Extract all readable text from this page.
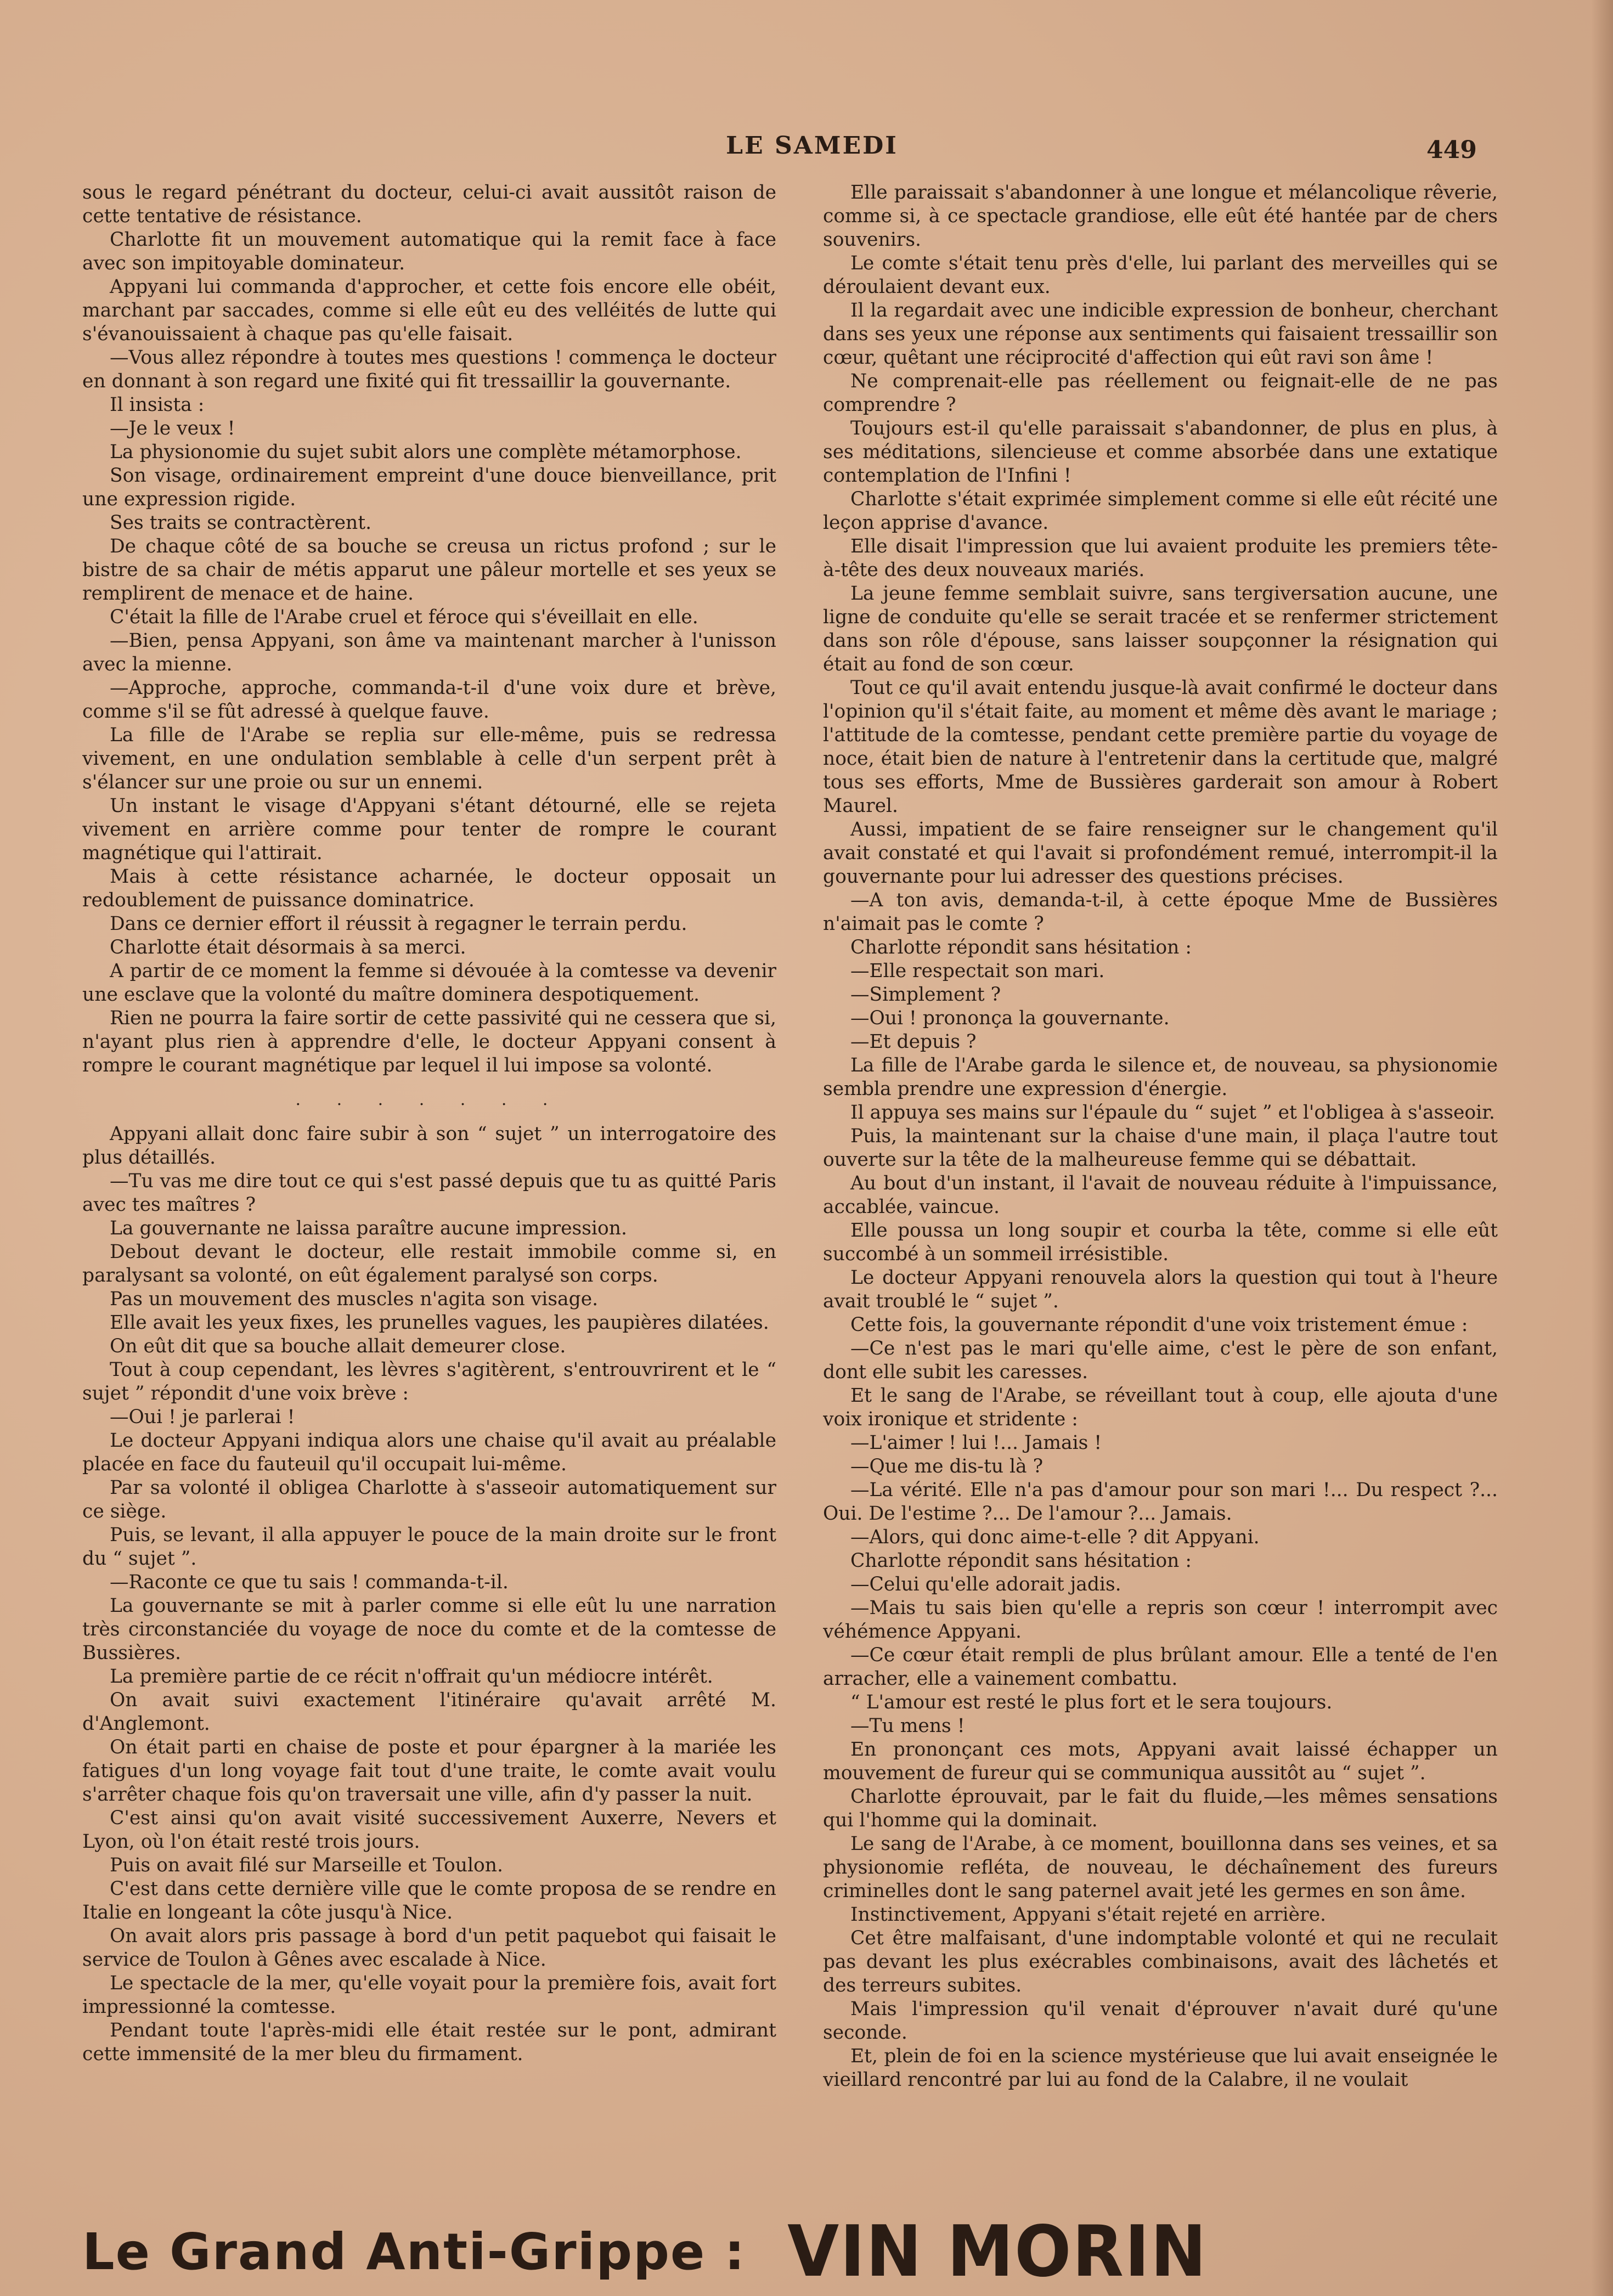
LE SAMEDI	449

sous le regard pénétrant du docteur, celui-ci avait aussitôt raison de cette tentative de résistance.

Charlotte fit un mouvement automatique qui la remit face à face avec son impitoyable dominateur.

Appyani lui commanda d'approcher, et cette fois encore elle obéit, marchant par saccades, comme si elle eût eu des velléités de lutte qui s'évanouissaient à chaque pas qu'elle faisait.

—Vous allez répondre à toutes mes questions ! commença le docteur en donnant à son regard une fixité qui fit tressaillir la gouvernante.

Il insista :

—Je le veux !

La physionomie du sujet subit alors une complète métamorphose.

Son visage, ordinairement empreint d'une douce bienveillance, prit une expression rigide.

Ses traits se contractèrent.

De chaque côté de sa bouche se creusa un rictus profond ; sur le bistre de sa chair de métis apparut une pâleur mortelle et ses yeux se remplirent de menace et de haine.

C'était la fille de l'Arabe cruel et féroce qui s'éveillait en elle.

—Bien, pensa Appyani, son âme va maintenant marcher à l'unisson avec la mienne.

—Approche, approche, commanda-t-il d'une voix dure et brève, comme s'il se fût adressé à quelque fauve.

La fille de l'Arabe se replia sur elle-même, puis se redressa vivement, en une ondulation semblable à celle d'un serpent prêt à s'élancer sur une proie ou sur un ennemi.

Un instant le visage d'Appyani s'étant détourné, elle se rejeta vivement en arrière comme pour tenter de rompre le courant magnétique qui l'attirait.

Mais à cette résistance acharnée, le docteur opposait un redoublement de puissance dominatrice.

Dans ce dernier effort il réussit à regagner le terrain perdu.

Charlotte était désormais à sa merci.

A partir de ce moment la femme si dévouée à la comtesse va devenir une esclave que la volonté du maître dominera despotiquement.

Rien ne pourra la faire sortir de cette passivité qui ne cessera que si, n'ayant plus rien à apprendre d'elle, le docteur Appyani consent à rompre le courant magnétique par lequel il lui impose sa volonté.

. . . . . . .

Appyani allait donc faire subir à son “ sujet ” un interrogatoire des plus détaillés.

—Tu vas me dire tout ce qui s'est passé depuis que tu as quitté Paris avec tes maîtres ?

La gouvernante ne laissa paraître aucune impression.

Debout devant le docteur, elle restait immobile comme si, en paralysant sa volonté, on eût également paralysé son corps.

Pas un mouvement des muscles n'agita son visage.

Elle avait les yeux fixes, les prunelles vagues, les paupières dilatées.

On eût dit que sa bouche allait demeurer close.

Tout à coup cependant, les lèvres s'agitèrent, s'entrouvrirent et le “ sujet ” répondit d'une voix brève :

—Oui ! je parlerai !

Le docteur Appyani indiqua alors une chaise qu'il avait au préalable placée en face du fauteuil qu'il occupait lui-même.

Par sa volonté il obligea Charlotte à s'asseoir automatiquement sur ce siège.

Puis, se levant, il alla appuyer le pouce de la main droite sur le front du “ sujet ”.

—Raconte ce que tu sais ! commanda-t-il.

La gouvernante se mit à parler comme si elle eût lu une narration très circonstanciée du voyage de noce du comte et de la comtesse de Bussières.

La première partie de ce récit n'offrait qu'un médiocre intérêt.

On avait suivi exactement l'itinéraire qu'avait arrêté M. d'Anglemont.

On était parti en chaise de poste et pour épargner à la mariée les fatigues d'un long voyage fait tout d'une traite, le comte avait voulu s'arrêter chaque fois qu'on traversait une ville, afin d'y passer la nuit.

C'est ainsi qu'on avait visité successivement Auxerre, Nevers et Lyon, où l'on était resté trois jours.

Puis on avait filé sur Marseille et Toulon.

C'est dans cette dernière ville que le comte proposa de se rendre en Italie en longeant la côte jusqu'à Nice.

On avait alors pris passage à bord d'un petit paquebot qui faisait le service de Toulon à Gênes avec escalade à Nice.

Le spectacle de la mer, qu'elle voyait pour la première fois, avait fort impressionné la comtesse.

Pendant toute l'après-midi elle était restée sur le pont, admirant cette immensité de la mer bleu du firmament.

Elle paraissait s'abandonner à une longue et mélancolique rêverie, comme si, à ce spectacle grandiose, elle eût été hantée par de chers souvenirs.

Le comte s'était tenu près d'elle, lui parlant des merveilles qui se déroulaient devant eux.

Il la regardait avec une indicible expression de bonheur, cherchant dans ses yeux une réponse aux sentiments qui faisaient tressaillir son cœur, quêtant une réciprocité d'affection qui eût ravi son âme !

Ne comprenait-elle pas réellement ou feignait-elle de ne pas comprendre ?

Toujours est-il qu'elle paraissait s'abandonner, de plus en plus, à ses méditations, silencieuse et comme absorbée dans une extatique contemplation de l'Infini !

Charlotte s'était exprimée simplement comme si elle eût récité une leçon apprise d'avance.

Elle disait l'impression que lui avaient produite les premiers tête-à-tête des deux nouveaux mariés.

La jeune femme semblait suivre, sans tergiversation aucune, une ligne de conduite qu'elle se serait tracée et se renfermer strictement dans son rôle d'épouse, sans laisser soupçonner la résignation qui était au fond de son cœur.

Tout ce qu'il avait entendu jusque-là avait confirmé le docteur dans l'opinion qu'il s'était faite, au moment et même dès avant le mariage ; l'attitude de la comtesse, pendant cette première partie du voyage de noce, était bien de nature à l'entretenir dans la certitude que, malgré tous ses efforts, Mme de Bussières garderait son amour à Robert Maurel.

Aussi, impatient de se faire renseigner sur le changement qu'il avait constaté et qui l'avait si profondément remué, interrompit-il la gouvernante pour lui adresser des questions précises.

—A ton avis, demanda-t-il, à cette époque Mme de Bussières n'aimait pas le comte ?

Charlotte répondit sans hésitation :

—Elle respectait son mari.

—Simplement ?

—Oui ! prononça la gouvernante.

—Et depuis ?

La fille de l'Arabe garda le silence et, de nouveau, sa physionomie sembla prendre une expression d'énergie.

Il appuya ses mains sur l'épaule du “ sujet ” et l'obligea à s'asseoir.

Puis, la maintenant sur la chaise d'une main, il plaça l'autre tout ouverte sur la tête de la malheureuse femme qui se débattait.

Au bout d'un instant, il l'avait de nouveau réduite à l'impuissance, accablée, vaincue.

Elle poussa un long soupir et courba la tête, comme si elle eût succombé à un sommeil irrésistible.

Le docteur Appyani renouvela alors la question qui tout à l'heure avait troublé le “ sujet ”.

Cette fois, la gouvernante répondit d'une voix tristement émue :

—Ce n'est pas le mari qu'elle aime, c'est le père de son enfant, dont elle subit les caresses.

Et le sang de l'Arabe, se réveillant tout à coup, elle ajouta d'une voix ironique et stridente :

—L'aimer ! lui !... Jamais !

—Que me dis-tu là ?

—La vérité. Elle n'a pas d'amour pour son mari !... Du respect ?... Oui. De l'estime ?... De l'amour ?... Jamais.

—Alors, qui donc aime-t-elle ? dit Appyani.

Charlotte répondit sans hésitation :

—Celui qu'elle adorait jadis.

—Mais tu sais bien qu'elle a repris son cœur ! interrompit avec véhémence Appyani.

—Ce cœur était rempli de plus brûlant amour. Elle a tenté de l'en arracher, elle a vainement combattu.

“ L'amour est resté le plus fort et le sera toujours.

—Tu mens !

En prononçant ces mots, Appyani avait laissé échapper un mouvement de fureur qui se communiqua aussitôt au “ sujet ”.

Charlotte éprouvait, par le fait du fluide,—les mêmes sensations qui l'homme qui la dominait.

Le sang de l'Arabe, à ce moment, bouillonna dans ses veines, et sa physionomie refléta, de nouveau, le déchaînement des fureurs criminelles dont le sang paternel avait jeté les germes en son âme.

Instinctivement, Appyani s'était rejeté en arrière.

Cet être malfaisant, d'une indomptable volonté et qui ne reculait pas devant les plus exécrables combinaisons, avait des lâchetés et des terreurs subites.

Mais l'impression qu'il venait d'éprouver n'avait duré qu'une seconde.

Et, plein de foi en la science mystérieuse que lui avait enseignée le vieillard rencontré par lui au fond de la Calabre, il ne voulait

Le Grand Anti-Grippe : VIN MORIN
